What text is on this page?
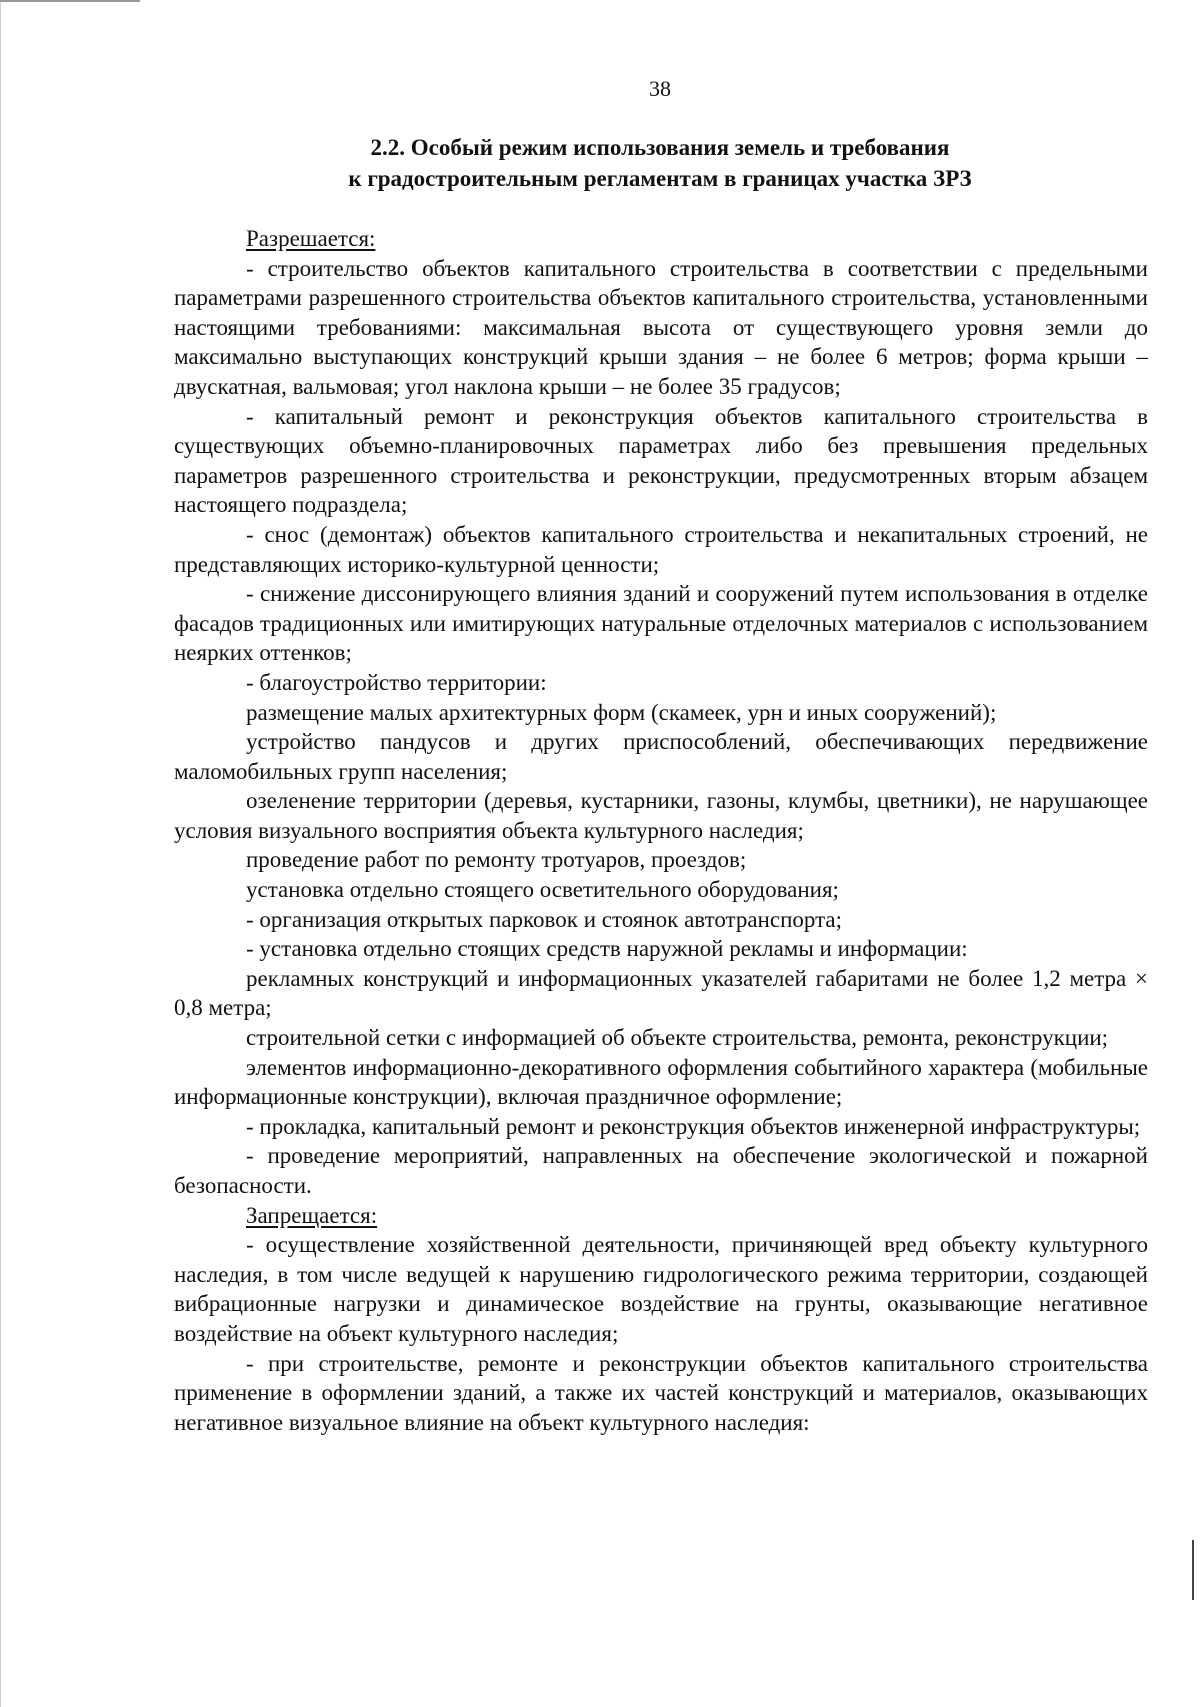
38
2.2. Особый режим использования земель и требования
к градостроительным регламентам в границах участка ЗРЗ

Разрешается:

- строительство объектов капитального строительства в соответствии с предельными параметрами разрешенного строительства объектов капитального строительства, установленными настоящими требованиями: максимальная высота от существующего уровня земли до максимально выступающих конструкций крыши здания – не более 6 метров; форма крыши – двускатная, вальмовая; угол наклона крыши – не более 35 градусов;

- капитальный ремонт и реконструкция объектов капитального строительства в существующих объемно-планировочных параметрах либо без превышения предельных параметров разрешенного строительства и реконструкции, предусмотренных вторым абзацем настоящего подраздела;

- снос (демонтаж) объектов капитального строительства и некапитальных строений, не представляющих историко-культурной ценности;

- снижение диссонирующего влияния зданий и сооружений путем использования в отделке фасадов традиционных или имитирующих натуральные отделочных материалов с использованием неярких оттенков;

- благоустройство территории:

размещение малых архитектурных форм (скамеек, урн и иных сооружений);

устройство пандусов и других приспособлений, обеспечивающих передвижение маломобильных групп населения;

озеленение территории (деревья, кустарники, газоны, клумбы, цветники), не нарушающее условия визуального восприятия объекта культурного наследия;

проведение работ по ремонту тротуаров, проездов;

установка отдельно стоящего осветительного оборудования;

- организация открытых парковок и стоянок автотранспорта;

- установка отдельно стоящих средств наружной рекламы и информации:

рекламных конструкций и информационных указателей габаритами не более 1,2 метра × 0,8 метра;

строительной сетки с информацией об объекте строительства, ремонта, реконструкции;

элементов информационно-декоративного оформления событийного характера (мобильные информационные конструкции), включая праздничное оформление;

- прокладка, капитальный ремонт и реконструкция объектов инженерной инфраструктуры;

- проведение мероприятий, направленных на обеспечение экологической и пожарной безопасности.

Запрещается:

- осуществление хозяйственной деятельности, причиняющей вред объекту культурного наследия, в том числе ведущей к нарушению гидрологического режима территории, создающей вибрационные нагрузки и динамическое воздействие на грунты, оказывающие негативное воздействие на объект культурного наследия;

- при строительстве, ремонте и реконструкции объектов капитального строительства применение в оформлении зданий, а также их частей конструкций и материалов, оказывающих негативное визуальное влияние на объект культурного наследия:
